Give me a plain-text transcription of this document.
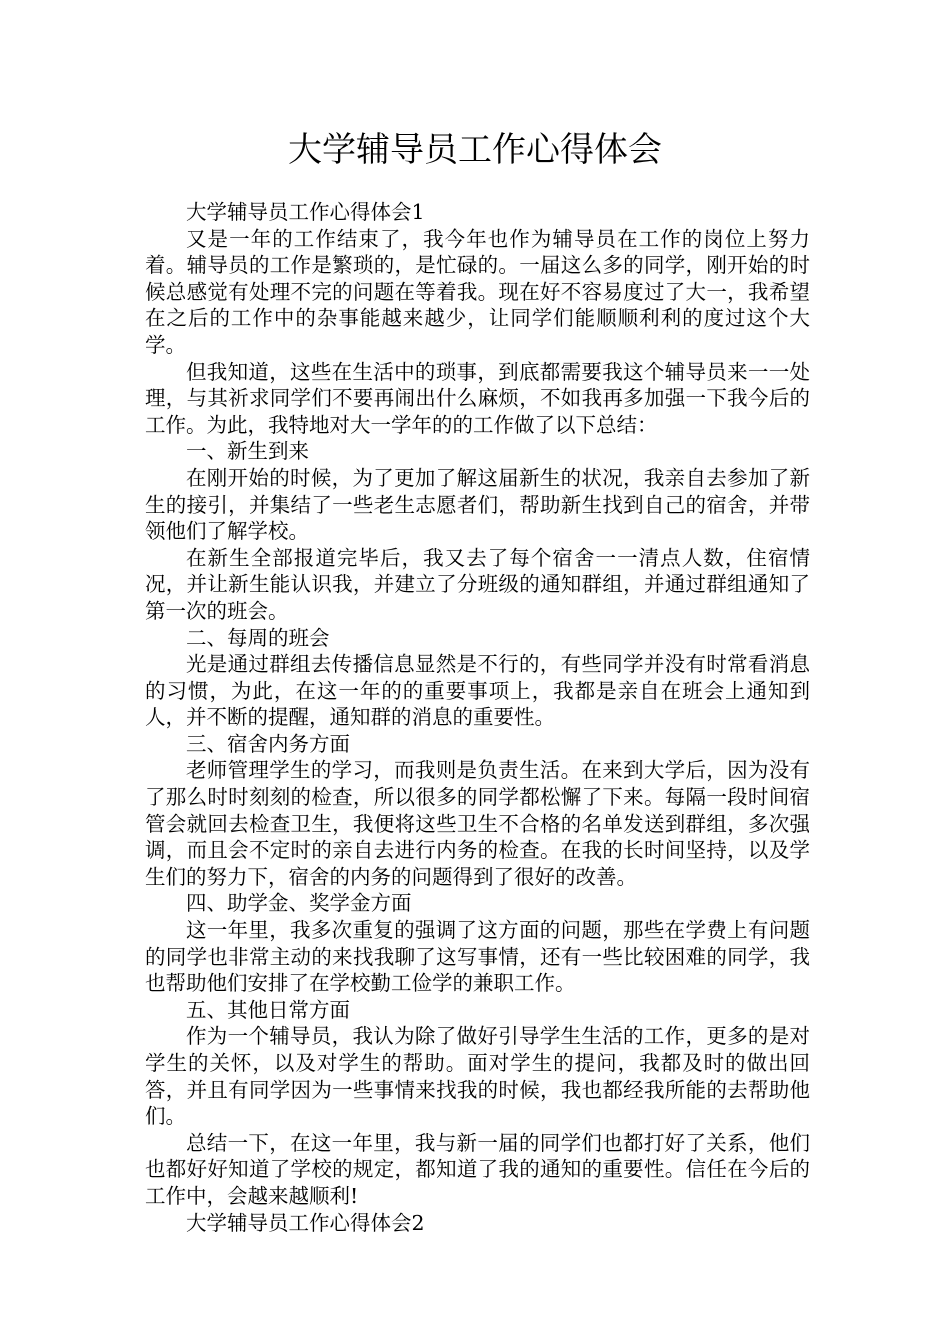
大学辅导员工作心得体会

大学辅导员工作心得体会1

又是一年的工作结束了，我今年也作为辅导员在工作的岗位上努力着。辅导员的工作是繁琐的，是忙碌的。一届这么多的同学，刚开始的时候总感觉有处理不完的问题在等着我。现在好不容易度过了大一，我希望在之后的工作中的杂事能越来越少，让同学们能顺顺利利的度过这个大学。

但我知道，这些在生活中的琐事，到底都需要我这个辅导员来一一处理，与其祈求同学们不要再闹出什么麻烦，不如我再多加强一下我今后的工作。为此，我特地对大一学年的的工作做了以下总结：

一、新生到来

在刚开始的时候，为了更加了解这届新生的状况，我亲自去参加了新生的接引，并集结了一些老生志愿者们，帮助新生找到自己的宿舍，并带领他们了解学校。

在新生全部报道完毕后，我又去了每个宿舍一一清点人数，住宿情况，并让新生能认识我，并建立了分班级的通知群组，并通过群组通知了第一次的班会。

二、每周的班会

光是通过群组去传播信息显然是不行的，有些同学并没有时常看消息的习惯，为此，在这一年的的重要事项上，我都是亲自在班会上通知到人，并不断的提醒，通知群的消息的重要性。

三、宿舍内务方面

老师管理学生的学习，而我则是负责生活。在来到大学后，因为没有了那么时时刻刻的检查，所以很多的同学都松懈了下来。每隔一段时间宿管会就回去检查卫生，我便将这些卫生不合格的名单发送到群组，多次强调，而且会不定时的亲自去进行内务的检查。在我的长时间坚持，以及学生们的努力下，宿舍的内务的问题得到了很好的改善。

四、助学金、奖学金方面

这一年里，我多次重复的强调了这方面的问题，那些在学费上有问题的同学也非常主动的来找我聊了这写事情，还有一些比较困难的同学，我也帮助他们安排了在学校勤工俭学的兼职工作。

五、其他日常方面

作为一个辅导员，我认为除了做好引导学生生活的工作，更多的是对学生的关怀，以及对学生的帮助。面对学生的提问，我都及时的做出回答，并且有同学因为一些事情来找我的时候，我也都经我所能的去帮助他们。

总结一下，在这一年里，我与新一届的同学们也都打好了关系，他们也都好好知道了学校的规定，都知道了我的通知的重要性。信任在今后的工作中，会越来越顺利!

大学辅导员工作心得体会2
